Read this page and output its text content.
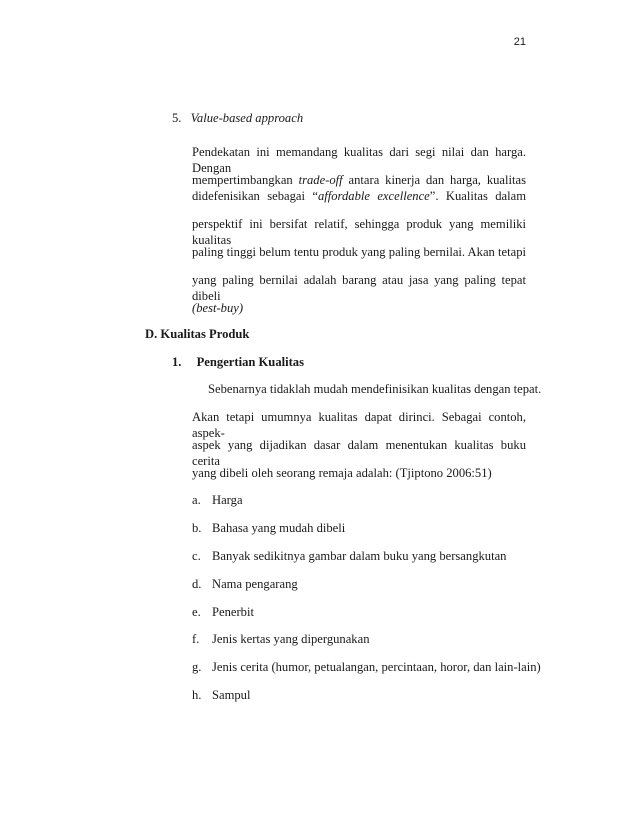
21
5. Value-based approach
Pendekatan ini memandang kualitas dari segi nilai dan harga. Dengan
mempertimbangkan trade-off antara kinerja dan harga, kualitas
didefenisikan sebagai “affordable excellence”. Kualitas dalam
perspektif ini bersifat relatif, sehingga produk yang memiliki kualitas
paling tinggi belum tentu produk yang paling bernilai. Akan tetapi
yang paling bernilai adalah barang atau jasa yang paling tepat dibeli
(best-buy)
D. Kualitas Produk
1. Pengertian Kualitas
Sebenarnya tidaklah mudah mendefinisikan kualitas dengan tepat.
Akan tetapi umumnya kualitas dapat dirinci. Sebagai contoh, aspek-
aspek yang dijadikan dasar dalam menentukan kualitas buku cerita
yang dibeli oleh seorang remaja adalah: (Tjiptono 2006:51)
a. Harga
b. Bahasa yang mudah dibeli
c. Banyak sedikitnya gambar dalam buku yang bersangkutan
d. Nama pengarang
e. Penerbit
f. Jenis kertas yang dipergunakan
g. Jenis cerita (humor, petualangan, percintaan, horor, dan lain-lain)
h. Sampul
